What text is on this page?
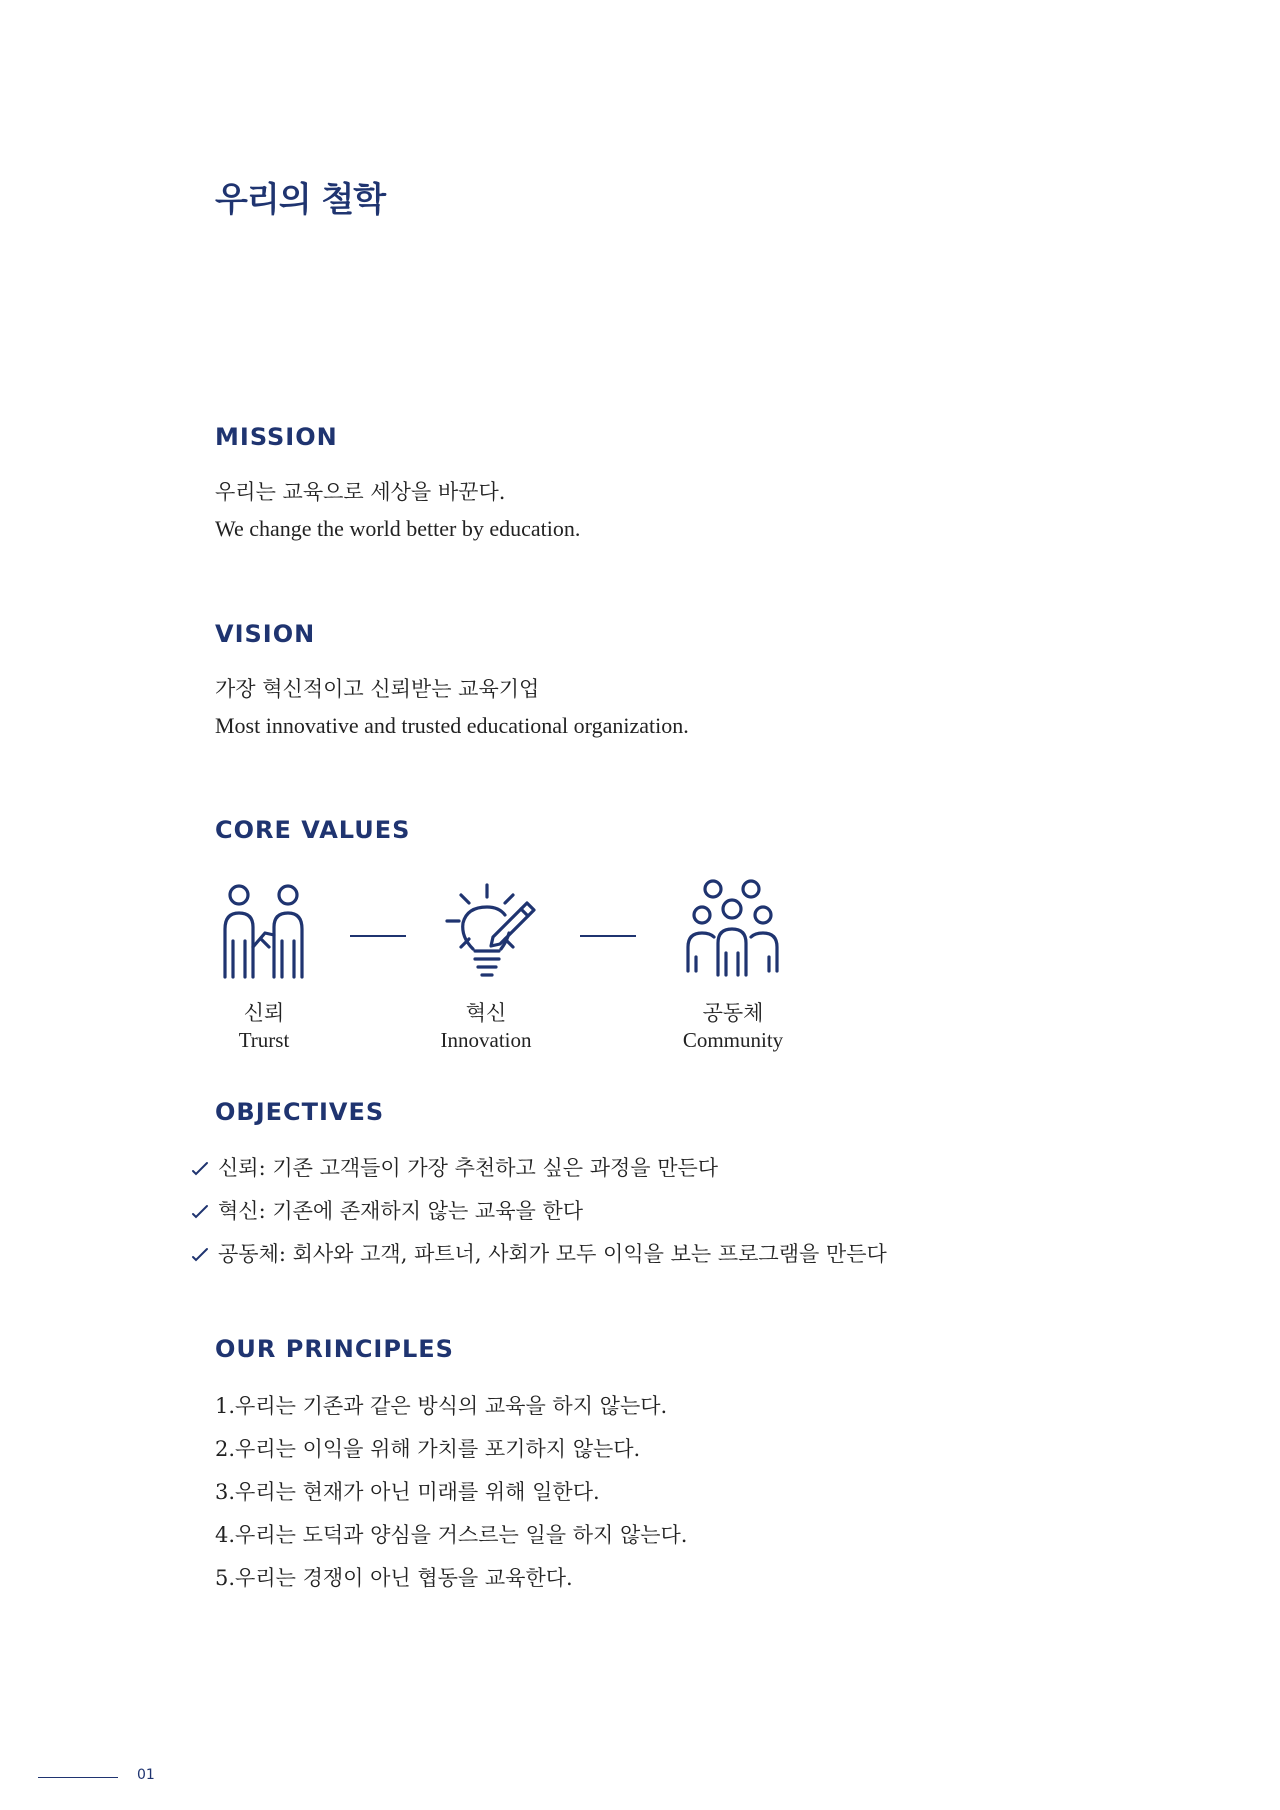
우리의 철학
MISSION

우리는 교육으로 세상을 바꾼다.

We change the world better by education.

VISION

가장 혁신적이고 신뢰받는 교육기업

Most innovative and trusted educational organization.

CORE VALUES

신뢰

Trurst

혁신

Innovation

공동체

Community

OBJECTIVES
신뢰: 기존 고객들이 가장 추천하고 싶은 과정을 만든다
혁신: 기존에 존재하지 않는 교육을 한다
공동체: 회사와 고객, 파트너, 사회가 모두 이익을 보는 프로그램을 만든다
OUR PRINCIPLES

1.우리는 기존과 같은 방식의 교육을 하지 않는다.

2.우리는 이익을 위해 가치를 포기하지 않는다.

3.우리는 현재가 아닌 미래를 위해 일한다.

4.우리는 도덕과 양심을 거스르는 일을 하지 않는다.

5.우리는 경쟁이 아닌 협동을 교육한다.

01
